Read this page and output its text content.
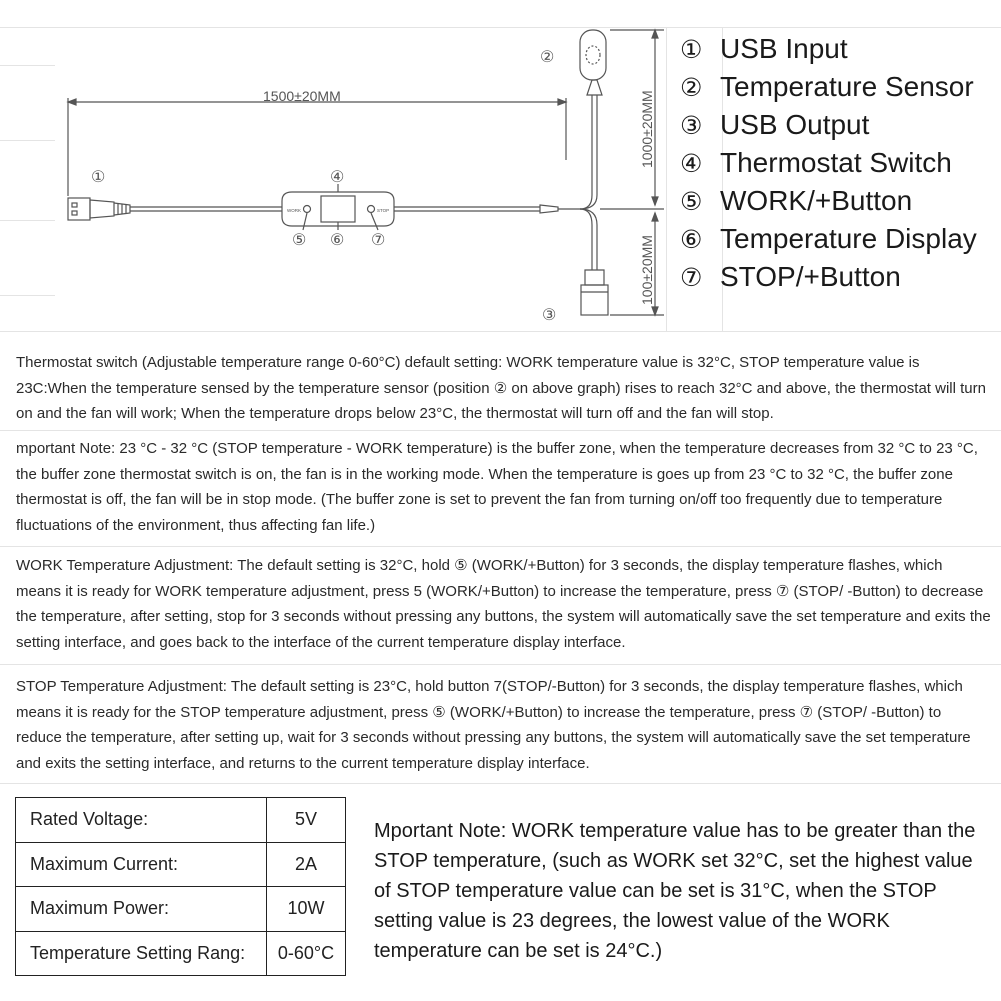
1500±20MM	1000±20MM
100±20MM
WORK	STOP
①
②
③
④
⑤ ⑥ ⑦
① USB Input
② Temperature Sensor
③ USB Output
④ Thermostat Switch
⑤ WORK/+Button
⑥ Temperature Display
⑦ STOP/+Button
Thermostat switch (Adjustable temperature range 0-60°C) default setting: WORK temperature value is 32°C, STOP temperature value is 23C:When the temperature sensed by the temperature sensor (position ② on above graph) rises to reach 32°C and above, the thermostat will turn on and the fan will work; When the temperature drops below 23°C, the thermostat will turn off and the fan will stop.
mportant Note: 23 °C - 32 °C (STOP temperature - WORK temperature) is the buffer zone, when the temperature decreases from 32 °C to 23 °C, the buffer zone thermostat switch is on, the fan is in the working mode. When the temperature is goes up from 23 °C to 32 °C, the buffer zone thermostat is off, the fan will be in stop mode. (The buffer zone is set to prevent the fan from turning on/off too frequently due to temperature fluctuations of the environment, thus affecting fan life.)
WORK Temperature Adjustment: The default setting is 32°C, hold ⑤ (WORK/+Button) for 3 seconds, the display temperature flashes, which means it is ready for WORK temperature adjustment, press 5 (WORK/+Button) to increase the temperature, press ⑦ (STOP/ -Button) to decrease the temperature, after setting, stop for 3 seconds without pressing any buttons, the system will automatically save the set temperature and exits the setting interface, and goes back to the interface of the current temperature display interface.
STOP Temperature Adjustment: The default setting is 23°C, hold button 7(STOP/-Button) for 3 seconds, the display temperature flashes, which means it is ready for the STOP temperature adjustment, press ⑤ (WORK/+Button) to increase the temperature, press ⑦ (STOP/ -Button) to reduce the temperature, after setting up, wait for 3 seconds without pressing any buttons, the system will automatically save the set temperature and exits the setting interface, and returns to the current temperature display interface.
Rated Voltage:	5V
Maximum Current:	2A
Maximum Power:	10W
Temperature Setting Rang:	0-60°C
Mportant Note: WORK temperature value has to be greater than the STOP temperature, (such as WORK set 32°C, set the highest value of STOP temperature value can be set is 31°C, when the STOP setting value is 23 degrees, the lowest value of the WORK temperature can be set is 24°C.)
